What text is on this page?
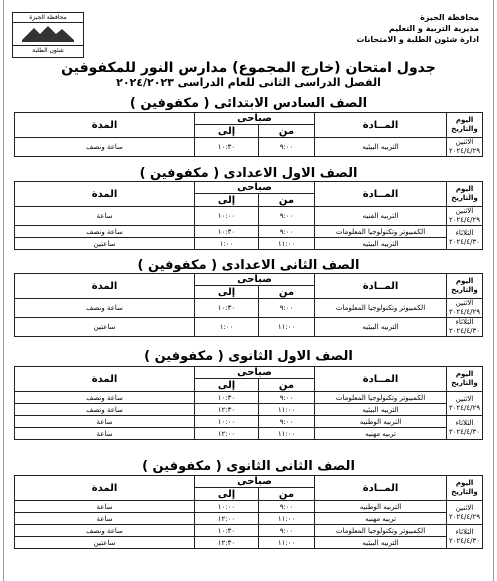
محافظة الجيزة
شئون الطلبة
محافظة الجيزة
مديرية التربية و التعليم
ادارة شئون الطلبة و الامتحانات
جدول امتحان (خارج المجموع) مدارس النور للمكفوفين
الفصل الدراسى الثانى للعام الدراسى ٢٠٢٤/٢٠٢٣
اليوم والتاريخ	المــادة	صباحى		المدة
		من	إلى	

الاثنين
٢٠٢٤/٤/٢٩	التربيه البيئيه	٩:٠٠	١٠:٣٠	ساعة ونصف
اليوم والتاريخ	المــادة	صباحى		المدة
		من	إلى	

الاثنين
٢٠٢٤/٤/٢٩	التربيه الفنيه	٩:٠٠	١٠:٠٠	ساعة

الثلاثاء
٢٠٢٤/٤/٣٠	الكمبيوتر وتكنولوجيا المعلومات	٩:٠٠	١٠:٣٠	ساعة ونصف
	التربيه البيئيه	١١:٠٠	١:٠٠	ساعتين
اليوم والتاريخ	المــادة	صباحى		المدة
		من	إلى	

الاثنين
٢٠٢٤/٤/٢٩	الكمبيوتر وتكنولوجيا المعلومات	٩:٠٠	١٠:٣٠	ساعة ونصف

الثلاثاء
٢٠٢٤/٤/٣٠	التربيه البيئيه	١١:٠٠	١:٠٠	ساعتين
اليوم والتاريخ	المــادة	صباحى		المدة
		من	إلى	

الاثنين
٢٠٢٤/٤/٢٩	الكمبيوتر وتكنولوجيا المعلومات	٩:٠٠	١٠:٣٠	ساعة ونصف
	التربيه البيئيه	١١:٠٠	١٢:٣٠	ساعة ونصف

الثلاثاء
٢٠٢٤/٤/٣٠	التربيه الوطنيه	٩:٠٠	١٠:٠٠	ساعة
	تربيه مهنيه	١١:٠٠	١٢:٠٠	ساعة
اليوم والتاريخ	المــادة	صباحى		المدة
		من	إلى	

الاثنين
٢٠٢٤/٤/٢٩	التربيه الوطنيه	٩:٠٠	١٠:٠٠	ساعة
	تربيه مهنيه	١١:٠٠	١٢:٠٠	ساعة

الثلاثاء
٢٠٢٤/٤/٣٠	الكمبيوتر وتكنولوجيا المعلومات	٩:٠٠	١٠:٣٠	ساعة ونصف
	التربيه البيئيه	١١:٠٠	١٢:٣٠	ساعتين
الصف السادس الابتدائى ( مكفوفين )
الصف الاول الاعدادى ( مكفوفين )
الصف الثانى الاعدادى ( مكفوفين )
الصف الاول الثانوى ( مكفوفين )
الصف الثانى الثانوى ( مكفوفين )
